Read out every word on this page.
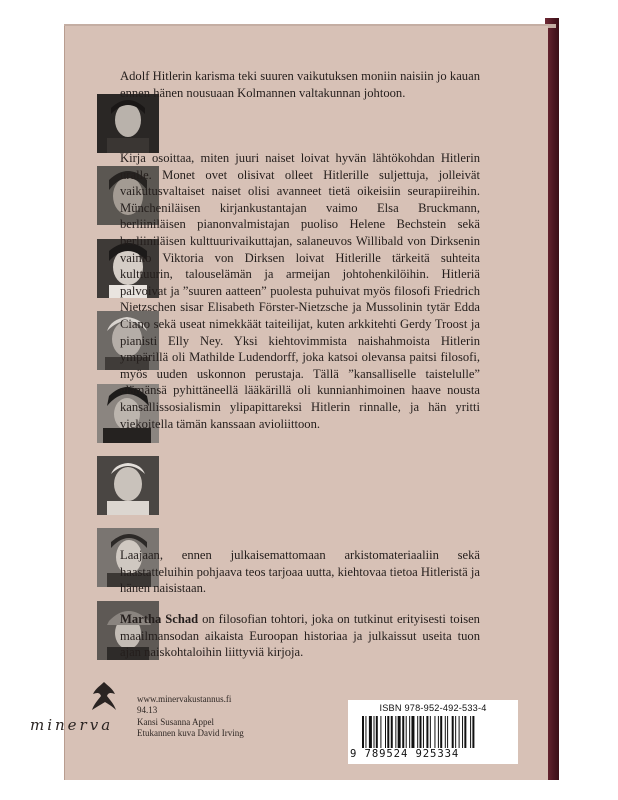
Adolf Hitlerin karisma teki suuren vaikutuksen moniin naisiin jo kauan ennen hänen nousuaan Kolmannen valtakunnan johtoon.

Kirja osoittaa, miten juuri naiset loivat hyvän lähtökohdan Hitlerin uralle. Monet ovet olisivat olleet Hitlerille suljettuja, jolleivät vaikutusvaltaiset naiset olisi avanneet tietä oikeisiin seurapiireihin. Müncheniläisen kirjankustantajan vaimo Elsa Bruckmann, berliiniläisen pianonvalmistajan puoliso Helene Bechstein sekä berliiniläisen kulttuurivaikuttajan, salaneuvos Willibald von Dirksenin vaimo Viktoria von Dirksen loivat Hitlerille tärkeitä suhteita kulttuurin, talouselämän ja armeijan johtohenkilöihin. Hitleriä palvoivat ja ”suuren aatteen” puolesta puhuivat myös filosofi Friedrich Nietzschen sisar Elisabeth Förster-Nietzsche ja Mussolinin tytär Edda Ciano sekä useat nimekkäät taiteilijat, kuten arkkitehti Gerdy Troost ja pianisti Elly Ney. Yksi kiehtovimmista naishahmoista Hitlerin ympärillä oli Mathilde Ludendorff, joka katsoi olevansa paitsi filosofi, myös uuden uskonnon perustaja. Tällä ”kansalliselle taistelulle” elämänsä pyhittäneellä lääkärillä oli kunnianhimoinen haave nousta kansallissosialismin ylipapittareksi Hitlerin rinnalle, ja hän yritti viekoitella tämän kanssaan avioliittoon.

Laajaan, ennen julkaisemattomaan arkistomateriaaliin sekä haastatteluihin pohjaava teos tarjoaa uutta, kiehtovaa tietoa Hitleristä ja hänen naisistaan.

Martha Schad on filosofian tohtori, joka on tutkinut erityisesti toisen maailmansodan aikaista Euroopan historiaa ja julkaissut useita tuon ajan naiskohtaloihin liittyviä kirjoja.

minerva
www.minervakustannus.fi
94.13
Kansi Susanna Appel
Etukannen kuva David Irving
ISBN 978-952-492-533-4
9 789524 925334
